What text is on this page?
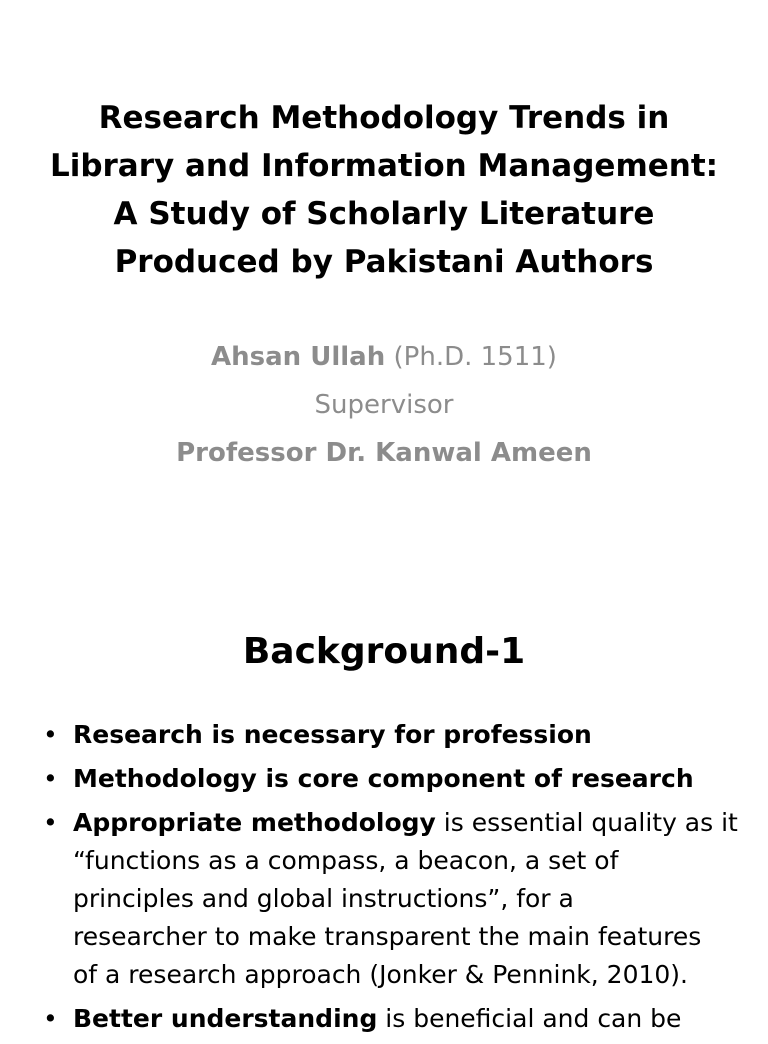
Research Methodology Trends in
Library and Information Management:
A Study of Scholarly Literature
Produced by Pakistani Authors
Ahsan Ullah (Ph.D. 1511)
Supervisor
Professor Dr. Kanwal Ameen
Background-1
• Research is necessary for profession
• Methodology is core component of research
• Appropriate methodology is essential quality as it
“functions as a compass, a beacon, a set of
principles and global instructions”, for a
researcher to make transparent the main features
of a research approach (Jonker & Pennink, 2010).
• Better understanding is beneficial and can be
